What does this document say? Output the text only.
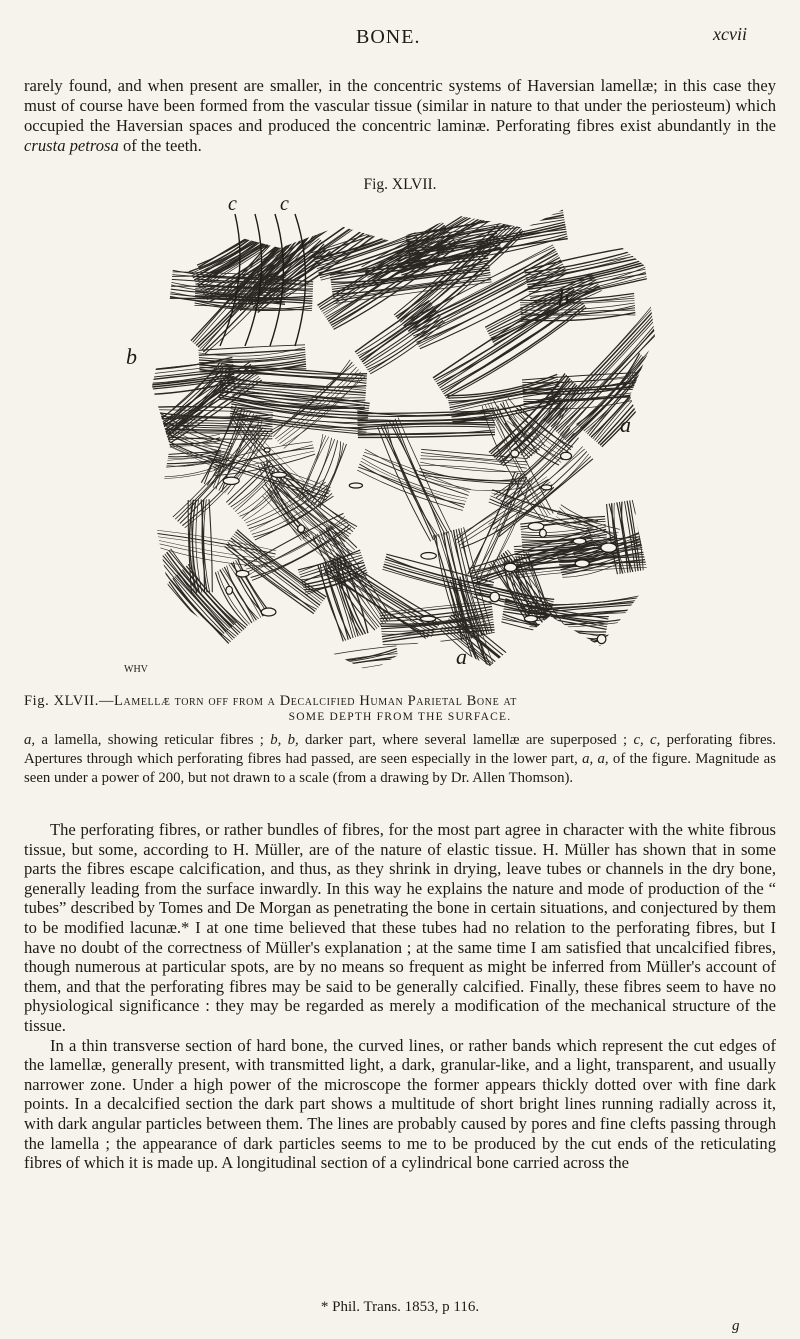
BONE.	xcvii
rarely found, and when present are smaller, in the concentric systems of Haversian lamellæ; in this case they must of course have been formed from the vascular tissue (similar in nature to that under the periosteum) which occupied the Haversian spaces and produced the concentric laminæ. Perforating fibres exist abundantly in the crusta petrosa of the teeth.
Fig. XLVII.
c c
b
b
a
a
WHV

Fig. XLVII.—Lamellæ torn off from a Decalcified Human Parietal Bone at

SOME DEPTH FROM THE SURFACE.

a, a lamella, showing reticular fibres ; b, b, darker part, where several lamellæ are superposed ; c, c, perforating fibres. Apertures through which perforating fibres had passed, are seen especially in the lower part, a, a, of the figure. Magnitude as seen under a power of 200, but not drawn to a scale (from a drawing by Dr. Allen Thomson).

The perforating fibres, or rather bundles of fibres, for the most part agree in character with the white fibrous tissue, but some, according to H. Müller, are of the nature of elastic tissue. H. Müller has shown that in some parts the fibres escape calcification, and thus, as they shrink in drying, leave tubes or channels in the dry bone, generally leading from the surface inwardly. In this way he explains the nature and mode of production of the “ tubes” described by Tomes and De Morgan as penetrating the bone in certain situations, and conjectured by them to be modified lacunæ.* I at one time believed that these tubes had no relation to the perforating fibres, but I have no doubt of the correctness of Müller's explanation ; at the same time I am satisfied that uncalcified fibres, though numerous at particular spots, are by no means so frequent as might be inferred from Müller's account of them, and that the perforating fibres may be said to be generally calcified. Finally, these fibres seem to have no physiological significance : they may be regarded as merely a modification of the mechanical structure of the tissue.

In a thin transverse section of hard bone, the curved lines, or rather bands which represent the cut edges of the lamellæ, generally present, with transmitted light, a dark, granular-like, and a light, transparent, and usually narrower zone. Under a high power of the microscope the former appears thickly dotted over with fine dark points. In a decalcified section the dark part shows a multitude of short bright lines running radially across it, with dark angular particles between them. The lines are probably caused by pores and fine clefts passing through the lamella ; the appearance of dark particles seems to me to be produced by the cut ends of the reticulating fibres of which it is made up. A longitudinal section of a cylindrical bone carried across the

* Phil. Trans. 1853, p 116.
g
